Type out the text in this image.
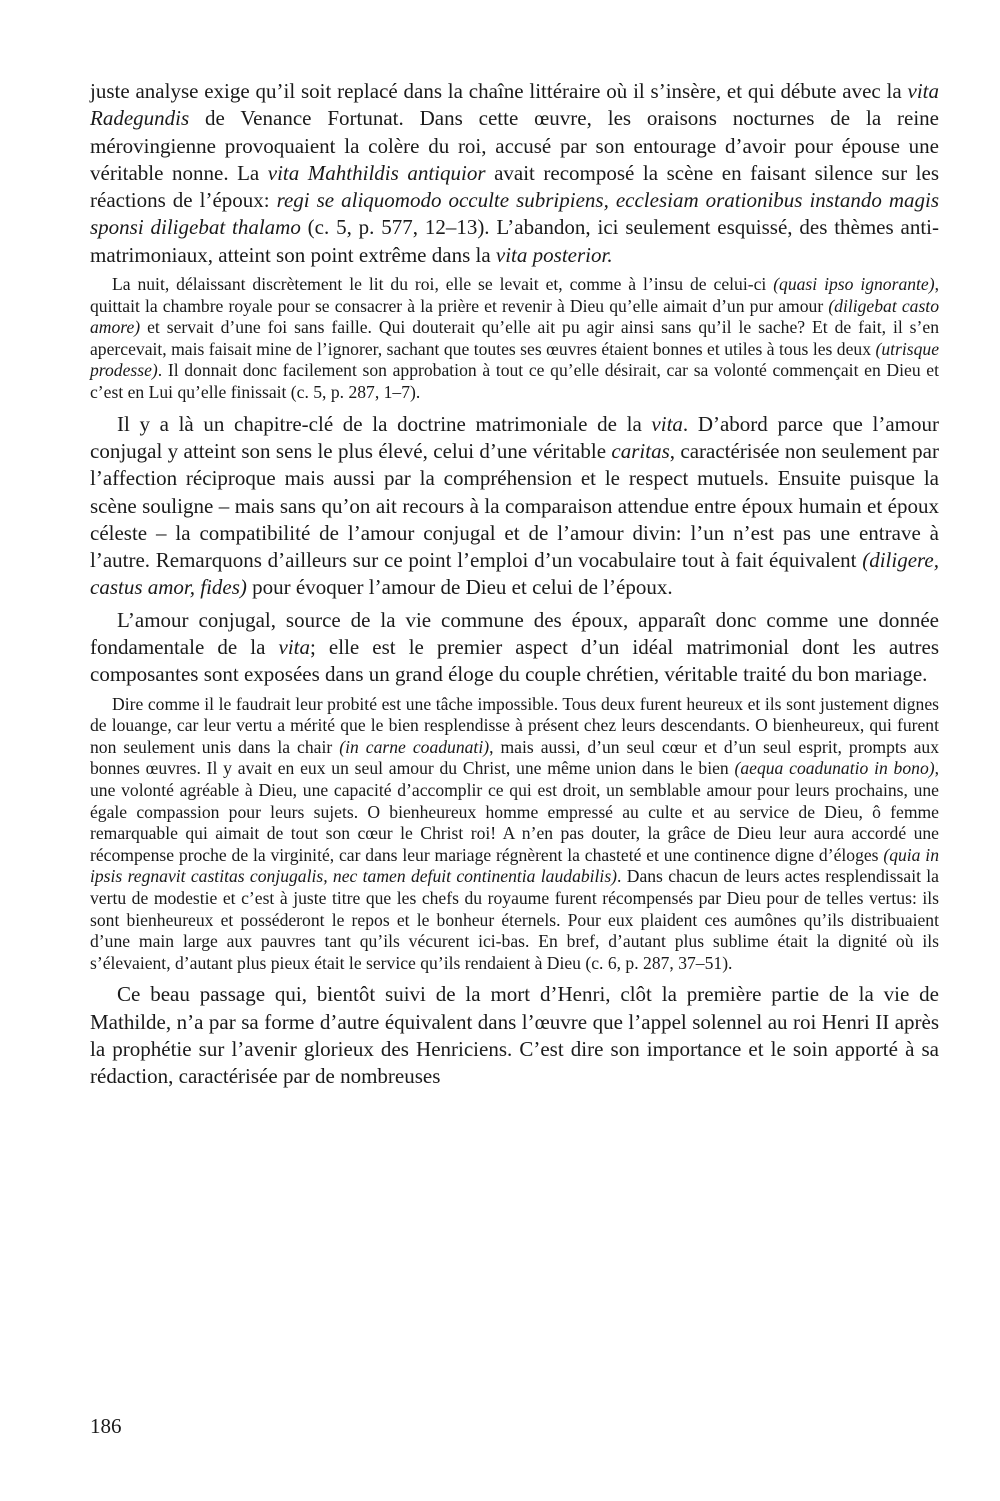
juste analyse exige qu’il soit replacé dans la chaîne littéraire où il s’insère, et qui débute avec la vita Radegundis de Venance Fortunat. Dans cette œuvre, les oraisons nocturnes de la reine mérovingienne provoquaient la colère du roi, accusé par son entourage d’avoir pour épouse une véritable nonne. La vita Mahthildis antiquior avait recomposé la scène en faisant silence sur les réactions de l’époux: regi se aliquomodo occulte subripiens, ecclesiam orationibus instando magis sponsi diligebat thalamo (c. 5, p. 577, 12–13). L’abandon, ici seulement esquissé, des thèmes anti-matrimoniaux, atteint son point extrême dans la vita posterior.

La nuit, délaissant discrètement le lit du roi, elle se levait et, comme à l’insu de celui-ci (quasi ipso ignorante), quittait la chambre royale pour se consacrer à la prière et revenir à Dieu qu’elle aimait d’un pur amour (diligebat casto amore) et servait d’une foi sans faille. Qui douterait qu’elle ait pu agir ainsi sans qu’il le sache? Et de fait, il s’en apercevait, mais faisait mine de l’ignorer, sachant que toutes ses œuvres étaient bonnes et utiles à tous les deux (utrisque prodesse). Il donnait donc facilement son approbation à tout ce qu’elle désirait, car sa volonté commençait en Dieu et c’est en Lui qu’elle finissait (c. 5, p. 287, 1–7).

Il y a là un chapitre-clé de la doctrine matrimoniale de la vita. D’abord parce que l’amour conjugal y atteint son sens le plus élevé, celui d’une véritable caritas, caractérisée non seulement par l’affection réciproque mais aussi par la compréhension et le respect mutuels. Ensuite puisque la scène souligne – mais sans qu’on ait recours à la comparaison attendue entre époux humain et époux céleste – la compatibilité de l’amour conjugal et de l’amour divin: l’un n’est pas une entrave à l’autre. Remarquons d’ailleurs sur ce point l’emploi d’un vocabulaire tout à fait équivalent (diligere, castus amor, fides) pour évoquer l’amour de Dieu et celui de l’époux.

L’amour conjugal, source de la vie commune des époux, apparaît donc comme une donnée fondamentale de la vita; elle est le premier aspect d’un idéal matrimonial dont les autres composantes sont exposées dans un grand éloge du couple chrétien, véritable traité du bon mariage.

Dire comme il le faudrait leur probité est une tâche impossible. Tous deux furent heureux et ils sont justement dignes de louange, car leur vertu a mérité que le bien resplendisse à présent chez leurs descendants. O bienheureux, qui furent non seulement unis dans la chair (in carne coadunati), mais aussi, d’un seul cœur et d’un seul esprit, prompts aux bonnes œuvres. Il y avait en eux un seul amour du Christ, une même union dans le bien (aequa coadunatio in bono), une volonté agréable à Dieu, une capacité d’accomplir ce qui est droit, un semblable amour pour leurs prochains, une égale compassion pour leurs sujets. O bienheureux homme empressé au culte et au service de Dieu, ô femme remarquable qui aimait de tout son cœur le Christ roi! A n’en pas douter, la grâce de Dieu leur aura accordé une récompense proche de la virginité, car dans leur mariage régnèrent la chasteté et une continence digne d’éloges (quia in ipsis regnavit castitas conjugalis, nec tamen defuit continentia laudabilis). Dans chacun de leurs actes resplendissait la vertu de modestie et c’est à juste titre que les chefs du royaume furent récompensés par Dieu pour de telles vertus: ils sont bienheureux et posséderont le repos et le bonheur éternels. Pour eux plaident ces aumônes qu’ils distribuaient d’une main large aux pauvres tant qu’ils vécurent ici-bas. En bref, d’autant plus sublime était la dignité où ils s’élevaient, d’autant plus pieux était le service qu’ils rendaient à Dieu (c. 6, p. 287, 37–51).

Ce beau passage qui, bientôt suivi de la mort d’Henri, clôt la première partie de la vie de Mathilde, n’a par sa forme d’autre équivalent dans l’œuvre que l’appel solennel au roi Henri II après la prophétie sur l’avenir glorieux des Henriciens. C’est dire son importance et le soin apporté à sa rédaction, caractérisée par de nombreuses

186
